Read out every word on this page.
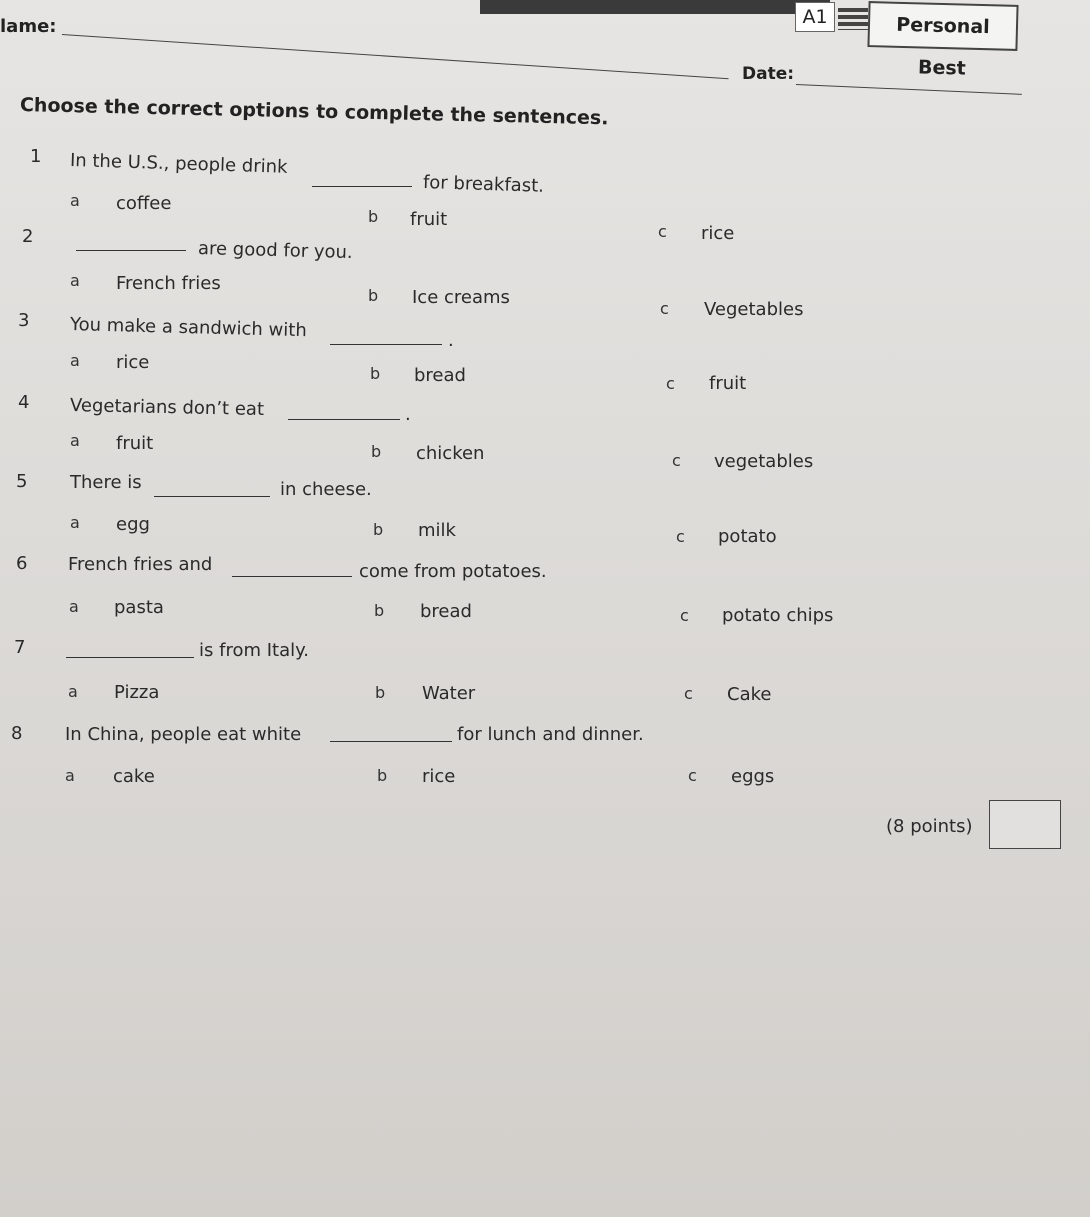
lame:
Date:
A1	Personal Best
Choose the correct options to complete the sentences.
1 In the U.S., people drink
for breakfast.
a coffee
b fruit
c rice
2
are good for you.
a French fries
b Ice creams
c Vegetables
3 You make a sandwich with	.
a rice
b bread	c fruit
4 Vegetarians don’t eat	.
a fruit	b chicken	c vegetables
5 There is	in cheese.
a egg	b milk	c potato
6 French fries and	come from potatoes.
a pasta	b bread	c potato chips
7	is from Italy.
a Pizza	b Water	c Cake
8 In China, people eat white	for lunch and dinner.
a cake	b rice	c eggs
(8 points)
